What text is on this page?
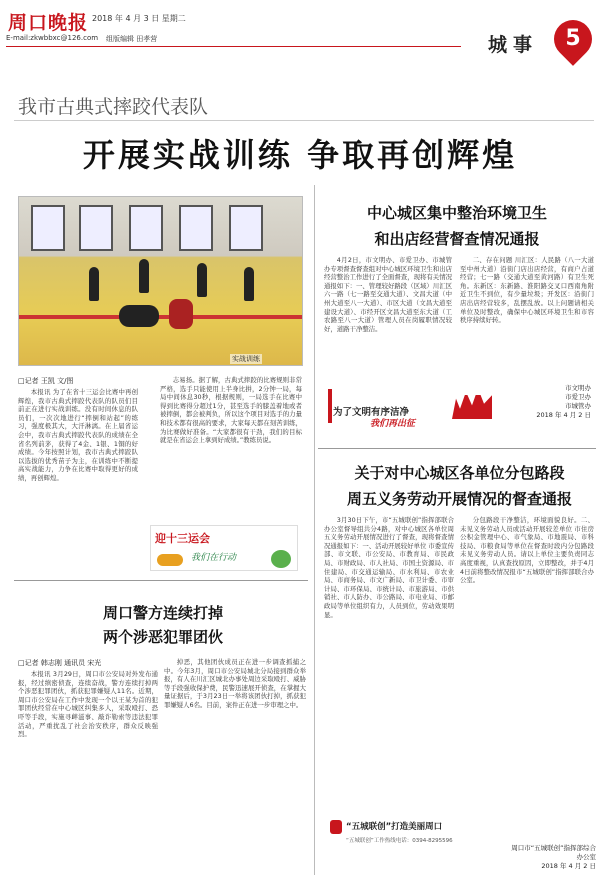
周口晚报 2018 年 4 月 3 日 星期二
E-mail:zkwbbxc@126.com 组版编辑 田孝营	城事	5
我市古典式摔跤代表队
开展实战训练 争取再创辉煌
实战训练
□记者 王凯 文/图

本报讯 为了在省十三运会比赛中再创辉煌，我市古典式摔跤代表队的队员们目前正在进行实战训练。没有时间休息的队员们，一次次地进行“摔倒和站起”的练习，强度极其大，大汗淋漓。在上届省运会中，我市古典式摔跤代表队的成绩在全省名列前茅，获得了4金、1银、1铜的好成绩。今年按照计划，我市古典式摔跤队以选拔的优秀苗子为主，在训练中不断提高实战能力，力争在比赛中取得更好的成绩，再创辉煌。

志易扬。据了解，古典式摔跤的比赛规则非常严格，选手只能使用上半身比拼，2分钟一局，每局中间休息30秒，根据规则，一局选手在比赛中得到比赛得分超过1分，甚至选手的膝盖着地或者被摔倒，都会被判负，所以这个项目对选手的力量和技术都有很高的要求，大家每天都在刻苦训练，为比赛做好准备。“大家都很有干劲，我们的目标就是在省运会上拿到好成绩。”教练员说。

迎十三运会
我们在行动
周口警方连续打掉
两个涉恶犯罪团伙
□记者 韩志刚 通讯员 宋光

本报讯 3月29日，周口市公安局对外发布通报，经过缜密侦查，连续奋战，警方连续打掉两个涉恶犯罪团伙，抓获犯罪嫌疑人11名。近期，周口市公安局在工作中发现一个以王某为首的犯罪团伙经常在中心城区纠集多人，采取殴打、恐吓等手段，实施寻衅滋事、敲诈勒索等违法犯罪活动，严重扰乱了社会治安秩序，群众反映强烈。

掉恶，其他团伙成员正在进一步调查抓捕之中。今年3月，周口市公安局城北分局接到群众举报，有人在川汇区城北办事处周边采取殴打、威胁等手段强收保护费，民警迅速展开侦查，在掌握大量证据后，于3月23日一举将该团伙打掉，抓获犯罪嫌疑人6名。目前，案件正在进一步审理之中。

中心城区集中整治环境卫生
和出店经营督查情况通报

4月2日，市文明办、市爱卫办、市城管办专项督查督查组对中心城区环境卫生和出店经营整治工作进行了全面督查，现将有关情况通报如下：一、管理较好路段（区域）川汇区六一路（七一路至交通大道）、文昌大道（中州大道至八一大道）、市区大道（文昌大道至建设大道）、市经开区文昌大道至东大道（工农路至八一大道）管理人员在岗履职情况较好，道路干净整洁。

二、存在问题 川汇区：人民路（八一大道至中州大道）沿街门店出店经营，有商户占道经营；七一路（交通大道至黄河路）有卫生死角。东新区：东新路、淮阳路交叉口西南角附近卫生不到位，有少量垃圾；开发区：沿街门店出店经营较多，乱摆乱放。以上问题请相关单位及时整改，确保中心城区环境卫生和市容秩序持续好转。

为了文明有序洁净
我们再出征
市文明办
市爱卫办
市城管办
2018 年 4 月 2 日
关于对中心城区各单位分包路段
周五义务劳动开展情况的督查通报

3月30日下午，市“五城联创”指挥部联合办公室督导组共分4路，对中心城区各单位周五义务劳动开展情况进行了督查，现将督查情况通报如下：一、活动开展较好单位 市委宣传部、市文联、市公安局、市教育局、市民政局、市财政局、市人社局、市国土资源局、市住建局、市交通运输局、市水利局、市农业局、市商务局、市文广新局、市卫计委、市审计局、市环保局、市统计局、市旅游局、市供销社、市人防办、市公路局、市电业局、市邮政局等单位组织有力，人员到位，劳动效果明显。

分包路段干净整洁，环境面貌良好。二、未见义务劳动人员或活动开展较差单位 市住房公积金管理中心、市气象局、市地震局、市科技局、市粮食局等单位在督查时段内分包路段未见义务劳动人员。请以上单位主要负责同志高度重视，认真查找原因，立即整改，并于4月4日前将整改情况报市“五城联创”指挥部联合办公室。

“五城联创”打造美丽周口
“五城联创”工作热线电话：0394-8295596
周口市“五城联创”指挥部综合办公室
2018 年 4 月 2 日
